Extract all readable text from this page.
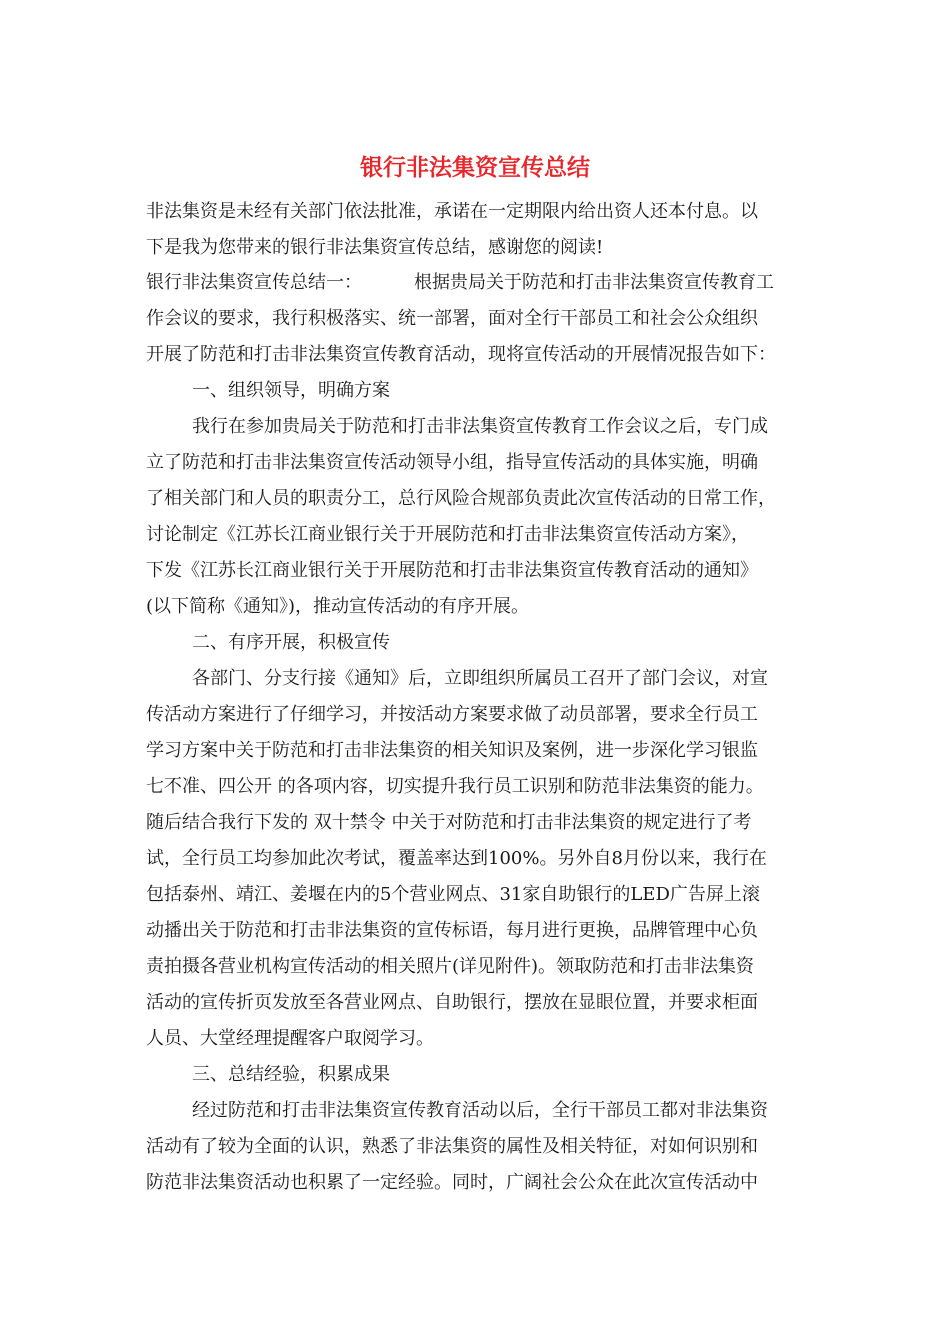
银行非法集资宣传总结
非法集资是未经有关部门依法批准，承诺在一定期限内给出资人还本付息。以
下是我为您带来的银行非法集资宣传总结，感谢您的阅读!
银行非法集资宣传总结一：	根据贵局关于防范和打击非法集资宣传教育工
作会议的要求，我行积极落实、统一部署，面对全行干部员工和社会公众组织
开展了防范和打击非法集资宣传教育活动，现将宣传活动的开展情况报告如下：
一、组织领导，明确方案
我行在参加贵局关于防范和打击非法集资宣传教育工作会议之后，专门成
立了防范和打击非法集资宣传活动领导小组，指导宣传活动的具体实施，明确
了相关部门和人员的职责分工，总行风险合规部负责此次宣传活动的日常工作，
讨论制定《江苏长江商业银行关于开展防范和打击非法集资宣传活动方案》，
下发《江苏长江商业银行关于开展防范和打击非法集资宣传教育活动的通知》
(以下简称《通知》)，推动宣传活动的有序开展。
二、有序开展，积极宣传
各部门、分支行接《通知》后，立即组织所属员工召开了部门会议，对宣
传活动方案进行了仔细学习，并按活动方案要求做了动员部署，要求全行员工
学习方案中关于防范和打击非法集资的相关知识及案例，进一步深化学习银监
七不准、四公开 的各项内容，切实提升我行员工识别和防范非法集资的能力。
随后结合我行下发的 双十禁令 中关于对防范和打击非法集资的规定进行了考
试，全行员工均参加此次考试，覆盖率达到100%。另外自8月份以来，我行在
包括泰州、靖江、姜堰在内的5个营业网点、31家自助银行的LED广告屏上滚
动播出关于防范和打击非法集资的宣传标语，每月进行更换，品牌管理中心负
责拍摄各营业机构宣传活动的相关照片(详见附件)。领取防范和打击非法集资
活动的宣传折页发放至各营业网点、自助银行，摆放在显眼位置，并要求柜面
人员、大堂经理提醒客户取阅学习。
三、总结经验，积累成果
经过防范和打击非法集资宣传教育活动以后，全行干部员工都对非法集资
活动有了较为全面的认识，熟悉了非法集资的属性及相关特征，对如何识别和
防范非法集资活动也积累了一定经验。同时，广阔社会公众在此次宣传活动中
